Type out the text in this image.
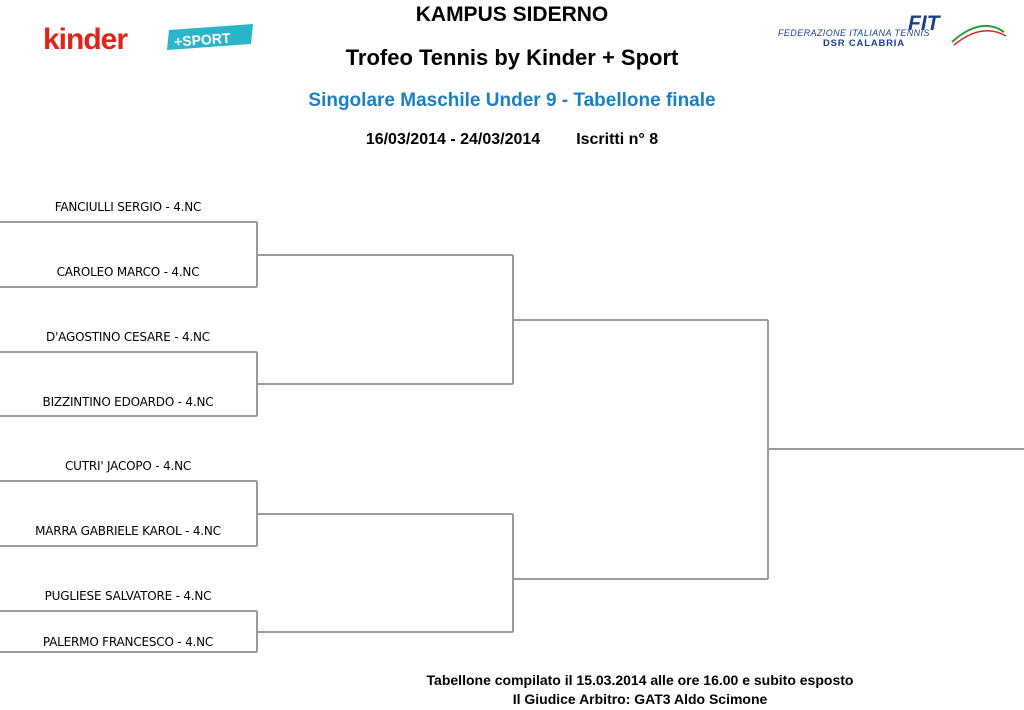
kinder	+SPORT
FIT
FEDERAZIONE ITALIANA TENNIS
DSR CALABRIA
KAMPUS SIDERNO
Trofeo Tennis by Kinder + Sport
Singolare Maschile Under 9 - Tabellone finale
16/03/2014 - 24/03/2014 Iscritti n° 8
FANCIULLI SERGIO - 4.NC
CAROLEO MARCO - 4.NC
D'AGOSTINO CESARE - 4.NC
BIZZINTINO EDOARDO - 4.NC
CUTRI' JACOPO - 4.NC
MARRA GABRIELE KAROL - 4.NC
PUGLIESE SALVATORE - 4.NC
PALERMO FRANCESCO - 4.NC
Tabellone compilato il 15.03.2014 alle ore 16.00 e subito esposto
Il Giudice Arbitro: GAT3 Aldo Scimone
